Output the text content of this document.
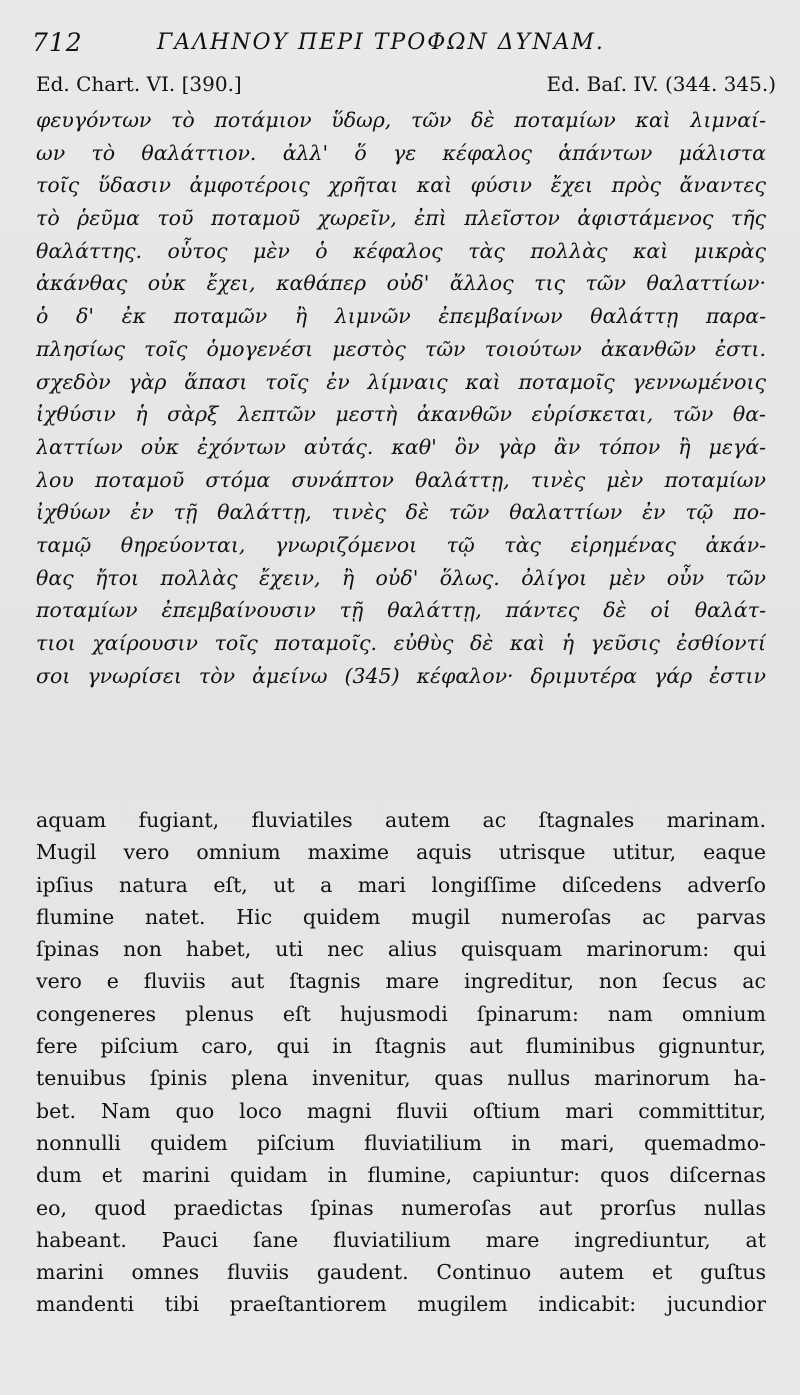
712	ΓΑΛΗΝΟΥ ΠΕΡΙ ΤΡΟΦΩΝ ΔΥΝΑΜ.
Ed. Chart. VI. [390.]	Ed. Baſ. IV. (344. 345.)
φευγόντων τὸ ποτάμιον ὕδωρ, τῶν δὲ ποταμίων καὶ λιμναί-
ων τὸ θαλάττιον. ἀλλ' ὅ γε κέφαλος ἁπάντων μάλιστα
τοῖς ὕδασιν ἀμφοτέροις χρῆται καὶ φύσιν ἔχει πρὸς ἄναντες
τὸ ῥεῦμα τοῦ ποταμοῦ χωρεῖν, ἐπὶ πλεῖστον ἀφιστάμενος τῆς
θαλάττης. οὗτος μὲν ὁ κέφαλος τὰς πολλὰς καὶ μικρὰς
ἀκάνθας οὐκ ἔχει, καθάπερ οὐδ' ἄλλος τις τῶν θαλαττίων·
ὁ δ' ἐκ ποταμῶν ἢ λιμνῶν ἐπεμβαίνων θαλάττῃ παρα-
πλησίως τοῖς ὁμογενέσι μεστὸς τῶν τοιούτων ἀκανθῶν ἐστι.
σχεδὸν γὰρ ἅπασι τοῖς ἐν λίμναις καὶ ποταμοῖς γεννωμένοις
ἰχθύσιν ἡ σὰρξ λεπτῶν μεστὴ ἀκανθῶν εὑρίσκεται, τῶν θα-
λαττίων οὐκ ἐχόντων αὐτάς. καθ' ὃν γὰρ ἂν τόπον ἢ μεγά-
λου ποταμοῦ στόμα συνάπτον θαλάττῃ, τινὲς μὲν ποταμίων
ἰχθύων ἐν τῇ θαλάττῃ, τινὲς δὲ τῶν θαλαττίων ἐν τῷ πο-
ταμῷ θηρεύονται, γνωριζόμενοι τῷ τὰς εἰρημένας ἀκάν-
θας ἤτοι πολλὰς ἔχειν, ἢ οὐδ' ὅλως. ὀλίγοι μὲν οὖν τῶν
ποταμίων ἐπεμβαίνουσιν τῇ θαλάττῃ, πάντες δὲ οἱ θαλάτ-
τιοι χαίρουσιν τοῖς ποταμοῖς. εὐθὺς δὲ καὶ ἡ γεῦσις ἐσθίοντί
σοι γνωρίσει τὸν ἀμείνω (345) κέφαλον· δριμυτέρα γάρ ἐστιν
aquam fugiant, fluviatiles autem ac ſtagnales marinam.
Mugil vero omnium maxime aquis utrisque utitur, eaque
ipſius natura eſt, ut a mari longiſſime diſcedens adverſo
flumine natet. Hic quidem mugil numeroſas ac parvas
ſpinas non habet, uti nec alius quisquam marinorum: qui
vero e fluviis aut ſtagnis mare ingreditur, non ſecus ac
congeneres plenus eſt hujusmodi ſpinarum: nam omnium
fere piſcium caro, qui in ſtagnis aut fluminibus gignuntur,
tenuibus ſpinis plena invenitur, quas nullus marinorum ha-
bet. Nam quo loco magni fluvii oſtium mari committitur,
nonnulli quidem piſcium fluviatilium in mari, quemadmo-
dum et marini quidam in flumine, capiuntur: quos diſcernas
eo, quod praedictas ſpinas numeroſas aut prorſus nullas
habeant. Pauci ſane fluviatilium mare ingrediuntur, at
marini omnes fluviis gaudent. Continuo autem et guſtus
mandenti tibi praeſtantiorem mugilem indicabit: jucundior
